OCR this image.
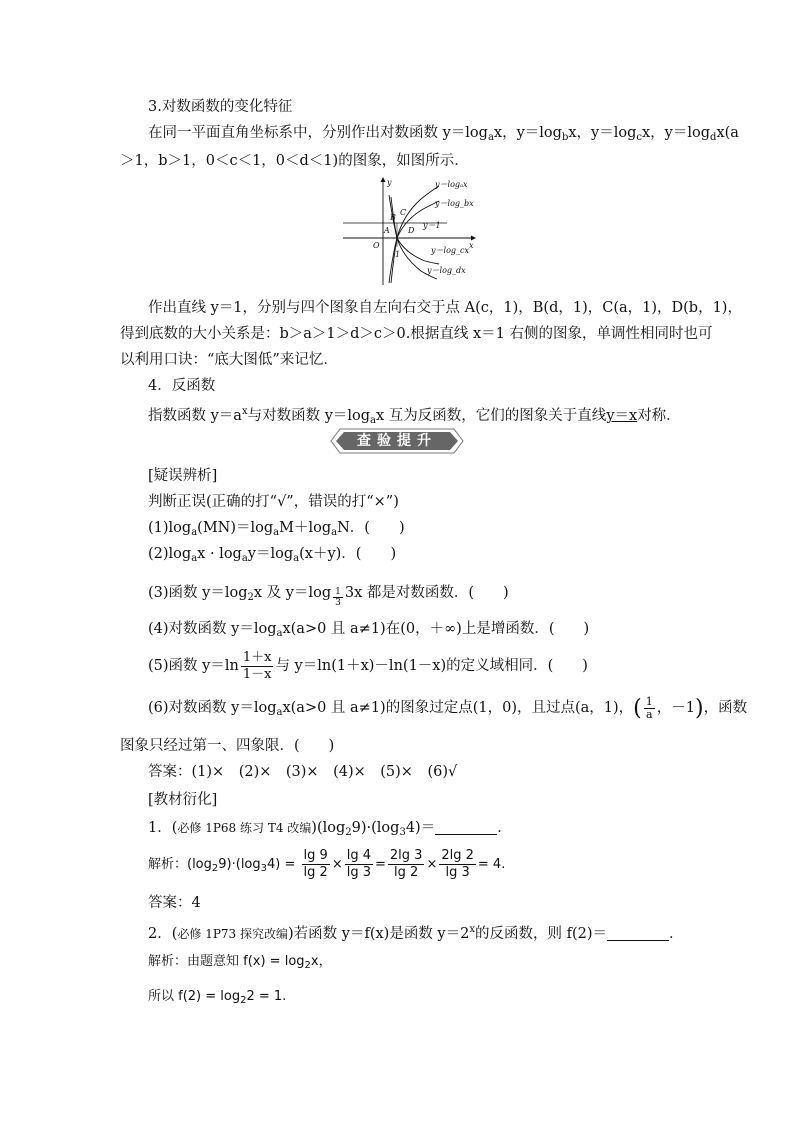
3.对数函数的变化特征
在同一平面直角坐标系中，分别作出对数函数 $y=\log_ax$，$y=\log_bx$，$y=\log_cx$，$y=\log_dx(a$
＞1，b＞1，0＜c＜1，0＜d＜1)的图象，如图所示．
y
x
O
1
A
B
C
D
y＝1
y＝logₐx
y＝log_bx
y＝log_cx
y＝log_dx
作出直线 y＝1，分别与四个图象自左向右交于点 A(c，1)，B(d，1)，C(a，1)，D(b，1)，
得到底数的大小关系是：b＞a＞1＞d＞c＞0.根据直线 x＝1 右侧的图象，单调性相同时也可
以利用口诀：“底大图低”来记忆．
4．反函数
指数函数 $y=a^x$与对数函数 $y=\log_ax$ 互为反函数，它们的图象关于直线y＝x对称．
查验提升
[疑误辨析]
判断正误(正确的打“√”，错误的打“×”)
$(1)\log_a(MN)=\log_aM+\log_aN$．(　　)
$(2)\log_ax \cdot \log_ay=\log_a(x+y)$．(　　)
(3)函数 $y=\log_2x$ 及 $y=\log \frac{1}{3} 3x$ 都是对数函数．(　　)
(4)对数函数 $y=\log_ax(a>0$ 且 a≠1)在(0，＋∞)上是增函数．(　　)
(5)函数 $y=\ln \frac{1+x}{1-x}$ 与 y＝ln(1＋x)－ln(1－x)的定义域相同．(　　)
(6)对数函数 $y=\log_ax(a>0$ 且 a≠1)的图象过定点(1，0)，且过点(a，1)，( $\frac{1}{a}$ ，－1)，函数
图象只经过第一、四象限．(　　)
答案：(1)×　(2)×　(3)×　(4)×　(5)×　(6)√
[教材衍化]
1．(必修 1P68 练习 T4 改编)$(\log_29)\cdot(\log_34)=$	．
解析：$(\log_29)\cdot(\log_34) = \frac{\lg 9}{\lg 2} \times \frac{\lg 4}{\lg 3} = \frac{2\lg 3}{\lg 2} \times \frac{2\lg 2}{\lg 3} = 4$.
答案：4
2．(必修 1P73 探究改编)若函数 y＝f(x)是函数 $y=2^x$的反函数，则 f(2)＝	．
解析：由题意知 $f(x) = \log_2x$，
所以 $f(2) = \log_22 = 1$.
